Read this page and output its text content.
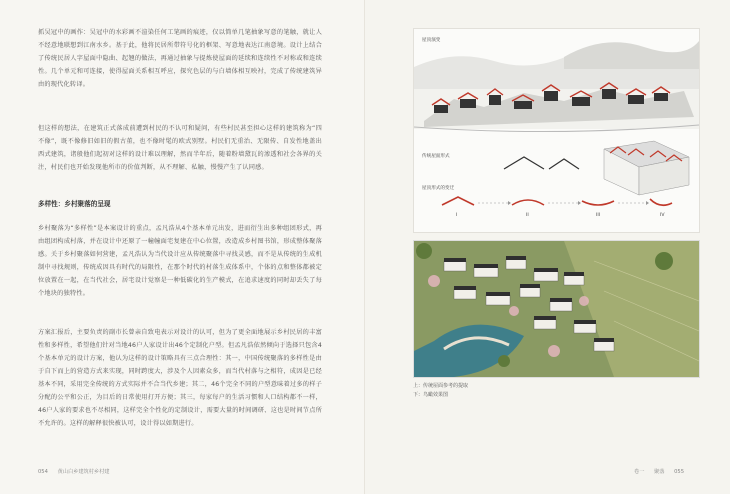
抓吴冠中的画作：吴冠中的水彩画不渲染任何工笔画的痕迹，仅以简单几笔抽象写意的笔触，就让人不经意地联想到江南水乡。基于此，他将民居所带符号化的框架、写意地表达江南意境。设计上结合了传统民居人字屋面中隐曲、起翘的做法，再通过抽象与提炼使屋面的延续和连续性不对称或和连续性。几个单元和可连接，使得屋面关系相互呼应，探究色层的与白墙体相互映衬，完成了传统建筑异由的现代化转译。

但这样的想法，在建筑正式落成前遭到村民的不认可和疑问，有些村民甚至担心这样的建筑称为“四不像”，既不像修旧如旧的假古董，也不像时髦的欧式别墅。村民们无重治、无限传、自发性地盖出西式建筑，诸般他们起初对这样的设计难以理解，然而半年后，随着粉墙黛瓦的渗透和社会各界的关注，村民们也开始发现他所市的价值判断，从不理解、私触，慢慢产生了认同感。

多样性：乡村聚落的呈现

乡村聚落为“多样性”是本案设计的重点，孟凡浩从4个基本单元出发，进而衍生出多种组团形式，再由组团构成村落，并在设计中还原了一幢幢面宅复建在中心位置，改造成乡村图书馆，形成整体聚落感。关于乡村聚落如何营建，孟凡浩认为当代设计应从传统聚落中寻找灵感，而不是从传统的生成机制中寻找规则，传统成因具有时代的局限性，在那个时代的村落生成体系中，个体的点和整体都被定位放置在一起，在当代社会，居宅设计觉察是一种低碳化的生产模式，在追求速度的同时却丢失了每个地块的独特性。

方案汇报后，主要负责的副市长曾亲自致电表示对设计的认可，但为了更全面地展示乡村民居的丰富性和多样性，希望他们针对当地46户人家设计出46个定制化户型。但孟凡浩依然倾向于选择只包含4个基本单元的设计方案，他认为这样的设计策略具有三点合理性：其一，中国传统聚落的多样性是由于自下而上的营造方式来实现，同时跨度大，涉及个人因素众多，而当代村落与之相符，成因是已经基本不同，采用完全传统的方式实际并不合当代乡建；其二，46个完全不同的户型意味着过多的样子分配的公平和公正，为目后的日常使用打开方便；其三，每家每户的生活习惯和人口结构都不一样，46户人家的要求也不尽相同，这样完全个性化的定制设计，需要大量的时间调研、这也是时间节点所不允许的。这样的解释很快被认可，设计得以如期进行。

054 黄山白乡建筑村乡村建	卷一 聚落 055
屋顶演变
传统屋面形式
屋顶形式的变迁
I	II	III	IV

上：传统屋面参考的提取

下：鸟瞰效果图
